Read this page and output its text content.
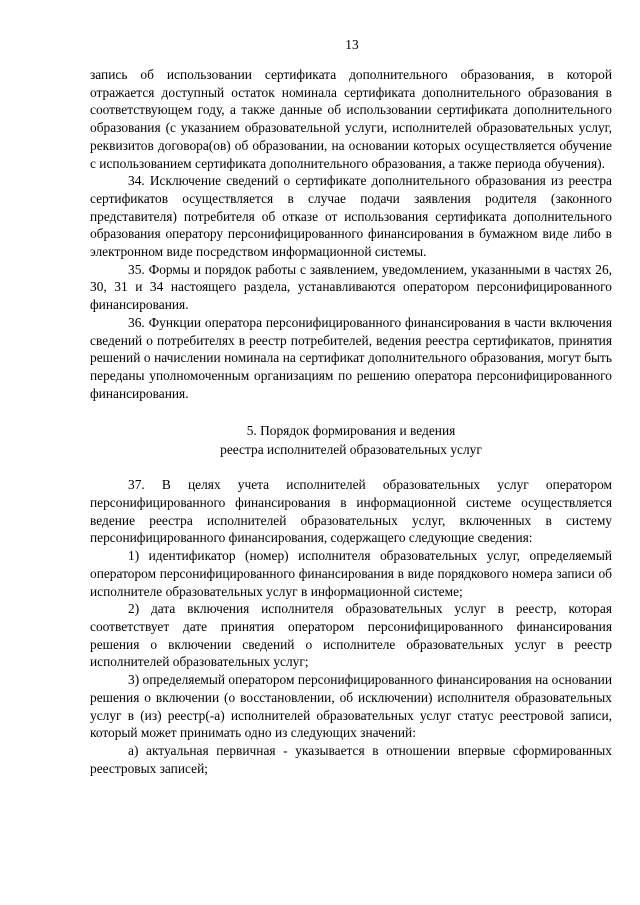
13

запись об использовании сертификата дополнительного образования, в которой отражается доступный остаток номинала сертификата дополнительного образования в соответствующем году, а также данные об использовании сертификата дополнительного образования (с указанием образовательной услуги, исполнителей образовательных услуг, реквизитов договора(ов) об образовании, на основании которых осуществляется обучение с использованием сертификата дополнительного образования, а также периода обучения).

34. Исключение сведений о сертификате дополнительного образования из реестра сертификатов осуществляется в случае подачи заявления родителя (законного представителя) потребителя об отказе от использования сертификата дополнительного образования оператору персонифицированного финансирования в бумажном виде либо в электронном виде посредством информационной системы.

35. Формы и порядок работы с заявлением, уведомлением, указанными в частях 26, 30, 31 и 34 настоящего раздела, устанавливаются оператором персонифицированного финансирования.

36. Функции оператора персонифицированного финансирования в части включения сведений о потребителях в реестр потребителей, ведения реестра сертификатов, принятия решений о начислении номинала на сертификат дополнительного образования, могут быть переданы уполномоченным организациям по решению оператора персонифицированного финансирования.

5. Порядок формирования и ведения

реестра исполнителей образовательных услуг

37. В целях учета исполнителей образовательных услуг оператором персонифицированного финансирования в информационной системе осуществляется ведение реестра исполнителей образовательных услуг, включенных в систему персонифицированного финансирования, содержащего следующие сведения:

1) идентификатор (номер) исполнителя образовательных услуг, определяемый оператором персонифицированного финансирования в виде порядкового номера записи об исполнителе образовательных услуг в информационной системе;

2) дата включения исполнителя образовательных услуг в реестр, которая соответствует дате принятия оператором персонифицированного финансирования решения о включении сведений о исполнителе образовательных услуг в реестр исполнителей образовательных услуг;

3) определяемый оператором персонифицированного финансирования на основании решения о включении (о восстановлении, об исключении) исполнителя образовательных услуг в (из) реестр(-а) исполнителей образовательных услуг статус реестровой записи, который может принимать одно из следующих значений:

а) актуальная первичная - указывается в отношении впервые сформированных реестровых записей;
